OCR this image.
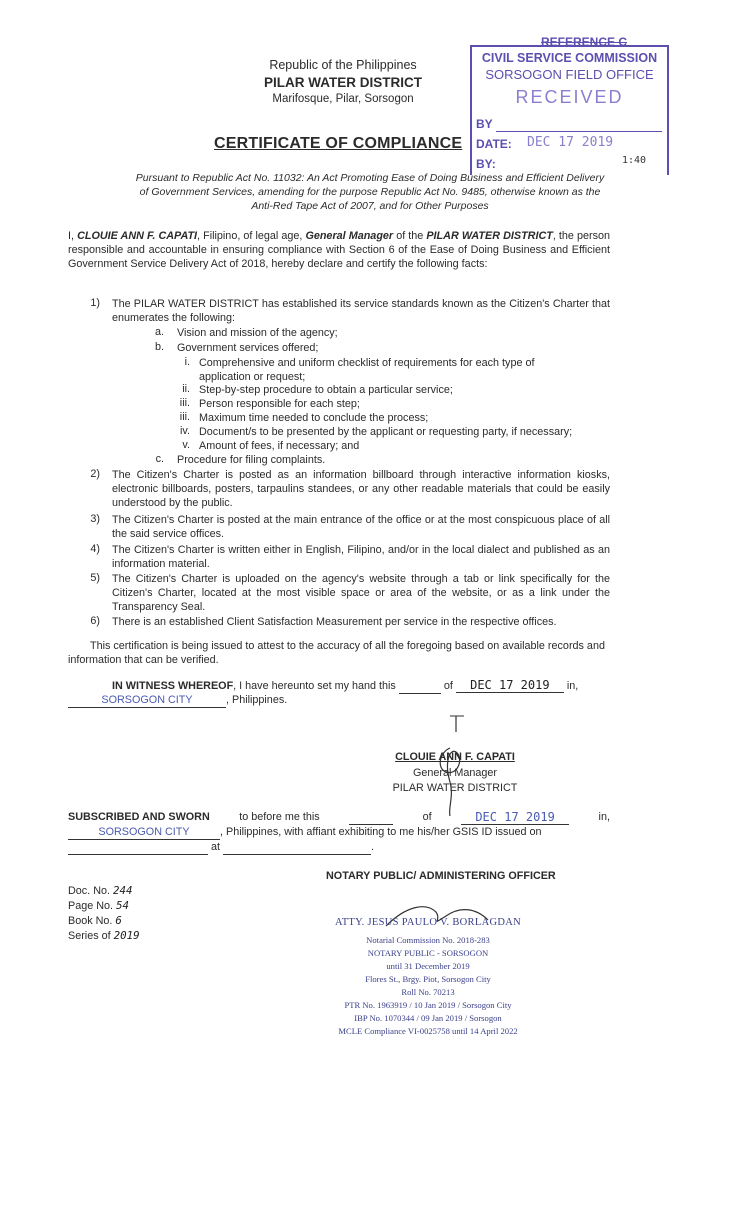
Republic of the Philippines
PILAR WATER DISTRICT
Marifosque, Pilar, Sorsogon
CERTIFICATE OF COMPLIANCE
REFERENCE C
CIVIL SERVICE COMMISSION
SORSOGON FIELD OFFICE
RECEIVED
BY
DATE: DEC 17 2019
BY:	1:40
Pursuant to Republic Act No. 11032: An Act Promoting Ease of Doing Business and Efficient Delivery
of Government Services, amending for the purpose Republic Act No. 9485, otherwise known as the
Anti-Red Tape Act of 2007, and for Other Purposes
I, CLOUIE ANN F. CAPATI, Filipino, of legal age, General Manager of the PILAR WATER DISTRICT, the person responsible and accountable in ensuring compliance with Section 6 of the Ease of Doing Business and Efficient Government Service Delivery Act of 2018, hereby declare and certify the following facts:
1) The PILAR WATER DISTRICT has established its service standards known as the Citizen's Charter that enumerates the following:
a. Vision and mission of the agency;
b. Government services offered;
i. Comprehensive and uniform checklist of requirements for each type of application or request;
ii. Step-by-step procedure to obtain a particular service;
iii. Person responsible for each step;
iii. Maximum time needed to conclude the process;
iv. Document/s to be presented by the applicant or requesting party, if necessary;
v. Amount of fees, if necessary; and
c. Procedure for filing complaints.
2) The Citizen's Charter is posted as an information billboard through interactive information kiosks, electronic billboards, posters, tarpaulins standees, or any other readable materials that could be easily understood by the public.
3) The Citizen's Charter is posted at the main entrance of the office or at the most conspicuous place of all the said service offices.
4) The Citizen's Charter is written either in English, Filipino, and/or in the local dialect and published as an information material.
5) The Citizen's Charter is uploaded on the agency's website through a tab or link specifically for the Citizen's Charter, located at the most visible space or area of the website, or as a link under the Transparency Seal.
6) There is an established Client Satisfaction Measurement per service in the respective offices.
This certification is being issued to attest to the accuracy of all the foregoing based on available records and information that can be verified.
IN WITNESS WHEREOF, I have hereunto set my hand this	of DEC 17 2019 in,
SORSOGON CITY	, Philippines.
CLOUIE ANN F. CAPATI
General Manager
PILAR WATER DISTRICT
SUBSCRIBED AND SWORN	to before me this
	of	DEC 17 2019	in,
SORSOGON CITY	, Philippines, with affiant exhibiting to me his/her GSIS ID issued on
at	.
NOTARY PUBLIC/ ADMINISTERING OFFICER
Doc. No. 244
Page No. 54
Book No. 6
Series of 2019
ATTY. JESUS PAULO V. BORLAGDAN
Notarial Commission No. 2018-283
NOTARY PUBLIC - SORSOGON
until 31 December 2019
Flores St., Brgy. Piot, Sorsogon City
Roll No. 70213
PTR No. 1963919 / 10 Jan 2019 / Sorsogon City
IBP No. 1070344 / 09 Jan 2019 / Sorsogon
MCLE Compliance VI-0025758 until 14 April 2022
